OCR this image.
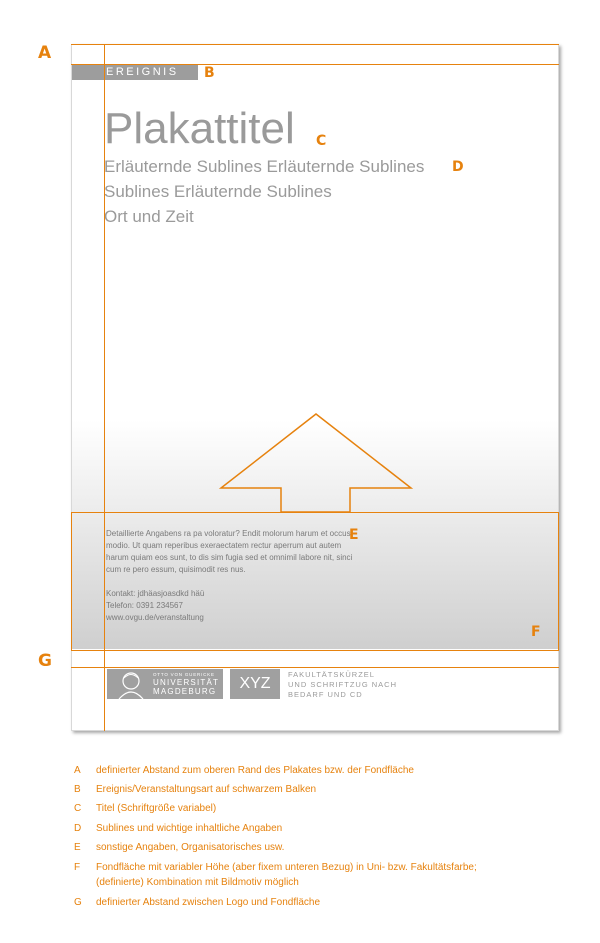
EREIGNIS
Plakattitel
Erläuternde Sublines Erläuternde Sublines
Sublines Erläuternde Sublines
Ort und Zeit
Detaillierte Angabens ra pa voloratur? Endit molorum harum et occus
modio. Ut quam reperibus exeraectatem rectur aperrum aut autem
harum quiam eos sunt, to dis sim fugia sed et omnimil labore nit, sinci
cum re pero essum, quisimodit res nus.
Kontakt: jdhäasjoasdkd häü
Telefon: 0391 234567
www.ovgu.de/veranstaltung
OTTO VON GUERICKE
UNIVERSITÄT
MAGDEBURG	XYZ
FAKULTÄTSKÜRZEL
UND SCHRIFTZUG NACH
BEDARF UND CD
A
B
C
D
E
F
G
A	definierter Abstand zum oberen Rand des Plakates bzw. der Fondfläche
B	Ereignis/Veranstaltungsart auf schwarzem Balken
C	Titel (Schriftgröße variabel)
D	Sublines und wichtige inhaltliche Angaben
E	sonstige Angaben, Organisatorisches usw.
F	Fondfläche mit variabler Höhe (aber fixem unteren Bezug) in Uni- bzw. Fakultätsfarbe;
(definierte) Kombination mit Bildmotiv möglich
G	definierter Abstand zwischen Logo und Fondfläche
